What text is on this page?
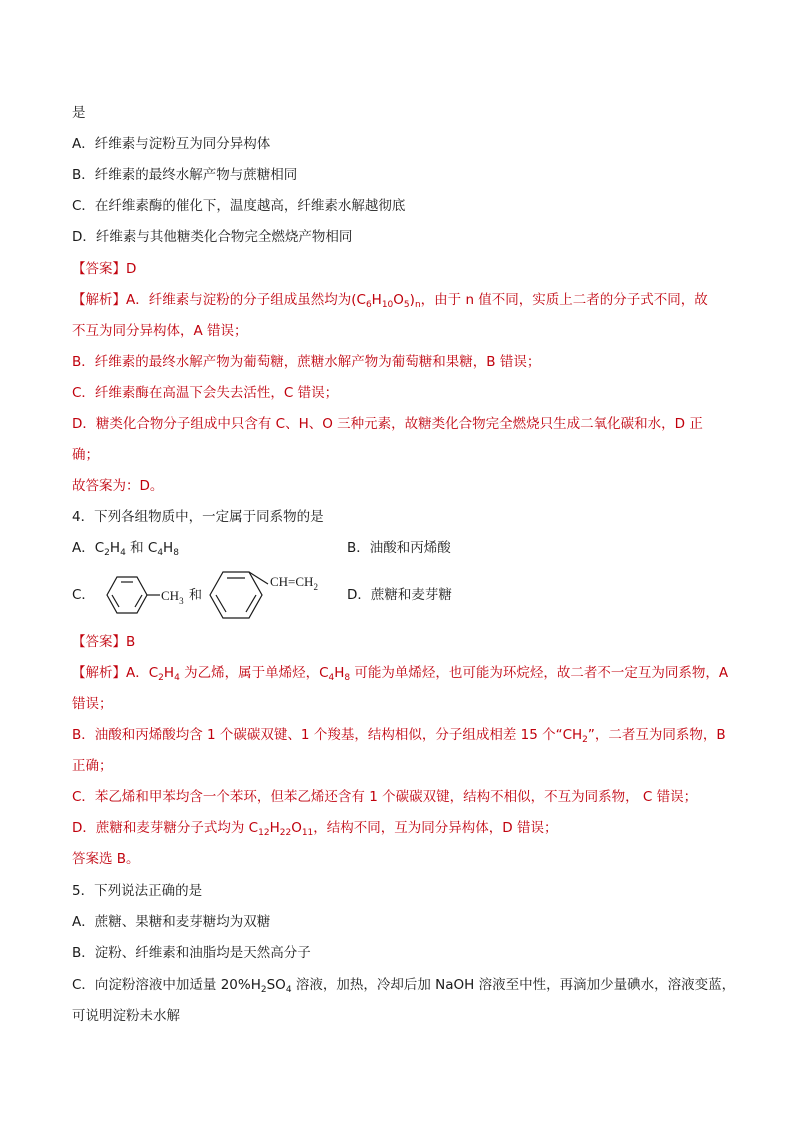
是
A．纤维素与淀粉互为同分异构体
B．纤维素的最终水解产物与蔗糖相同
C．在纤维素酶的催化下，温度越高，纤维素水解越彻底
D．纤维素与其他糖类化合物完全燃烧产物相同
【答案】D
【解析】A．纤维素与淀粉的分子组成虽然均为$(C_6H_{10}O_5)_n$，由于 n 值不同，实质上二者的分子式不同，故
不互为同分异构体，A 错误；
B．纤维素的最终水解产物为葡萄糖，蔗糖水解产物为葡萄糖和果糖，B 错误；
C．纤维素酶在高温下会失去活性，C 错误；
D．糖类化合物分子组成中只含有 C、H、O 三种元素，故糖类化合物完全燃烧只生成二氧化碳和水，D 正
确；
故答案为：D。
4．下列各组物质中，一定属于同系物的是
A．$C_2H_4$ 和 $C_4H_8$	B．油酸和丙烯酸
C．	$CH_3$ 和
$CH=CH_2$ D．蔗糖和麦芽糖
【答案】B
【解析】A．$C_2H_4$ 为乙烯，属于单烯烃，$C_4H_8$ 可能为单烯烃，也可能为环烷烃，故二者不一定互为同系物，A
错误；
B．油酸和丙烯酸均含 1 个碳碳双键、1 个羧基，结构相似，分子组成相差 15 个“$CH_2$”，二者互为同系物，B
正确；
C．苯乙烯和甲苯均含一个苯环，但苯乙烯还含有 1 个碳碳双键，结构不相似，不互为同系物， C 错误；
D．蔗糖和麦芽糖分子式均为 $C_{12}H_{22}O_{11}$，结构不同，互为同分异构体，D 错误；
答案选 B。
5．下列说法正确的是
A．蔗糖、果糖和麦芽糖均为双糖
B．淀粉、纤维素和油脂均是天然高分子
C．向淀粉溶液中加适量 $20\%H_2SO_4$ 溶液，加热，冷却后加 NaOH 溶液至中性，再滴加少量碘水，溶液变蓝，
可说明淀粉未水解
